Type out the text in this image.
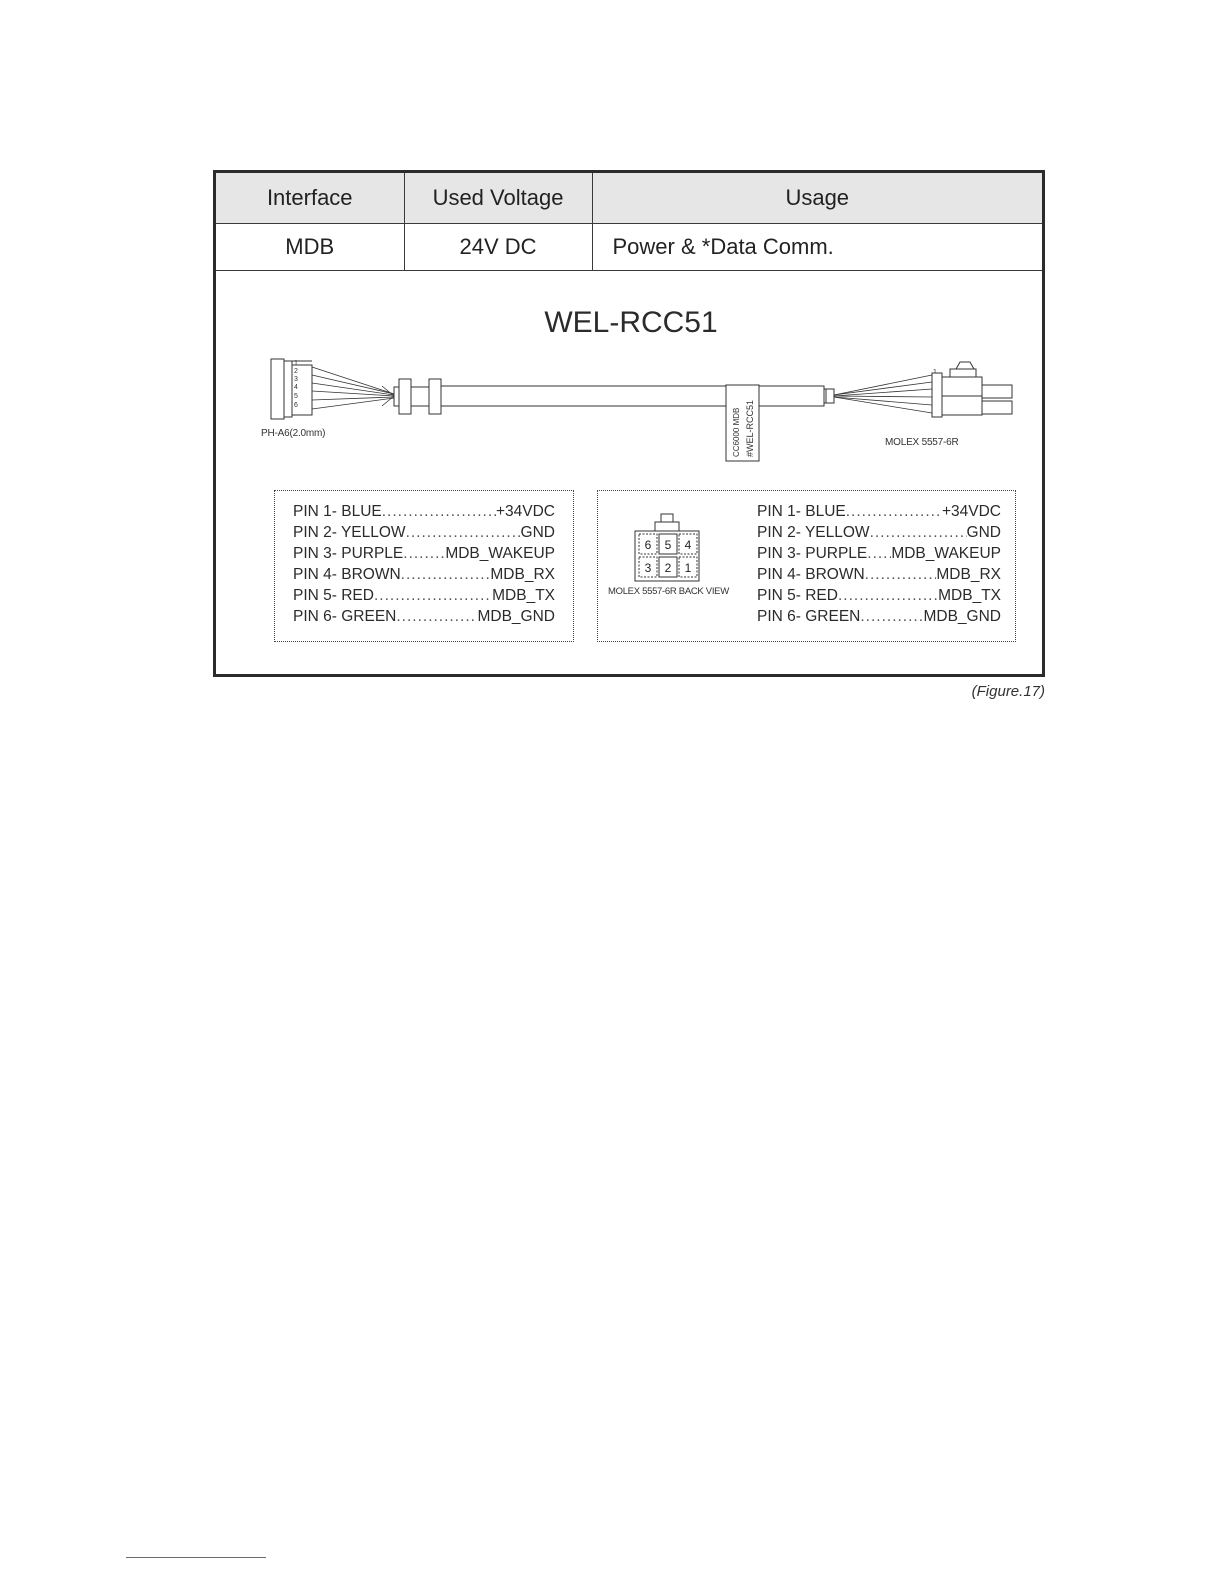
Interface	Used Voltage	Usage
MDB	24V DC	Power & *Data Comm.
WEL-RCC51
1
2
3
4
5
6
CC6000 MDB #WEL-RCC51
PH-A6(2.0mm)
MOLEX 5557-6R
PIN 1- BLUE .....	+34VDC
PIN 2- YELLOW .....	GND
PIN 3- PURPLE .....	MDB_WAKEUP
PIN 4- BROWN .....	MDB_RX
PIN 5- RED .....	MDB_TX
PIN 6- GREEN .....	MDB_GND
6 5 4
3 2 1
MOLEX 5557-6R BACK VIEW
PIN 1- BLUE .....	+34VDC
PIN 2- YELLOW .....	GND
PIN 3- PURPLE ..... MDB_WAKEUP
PIN 4- BROWN .....	MDB_RX
PIN 5- RED .....	MDB_TX
PIN 6- GREEN .....	MDB_GND
(Figure.17)
